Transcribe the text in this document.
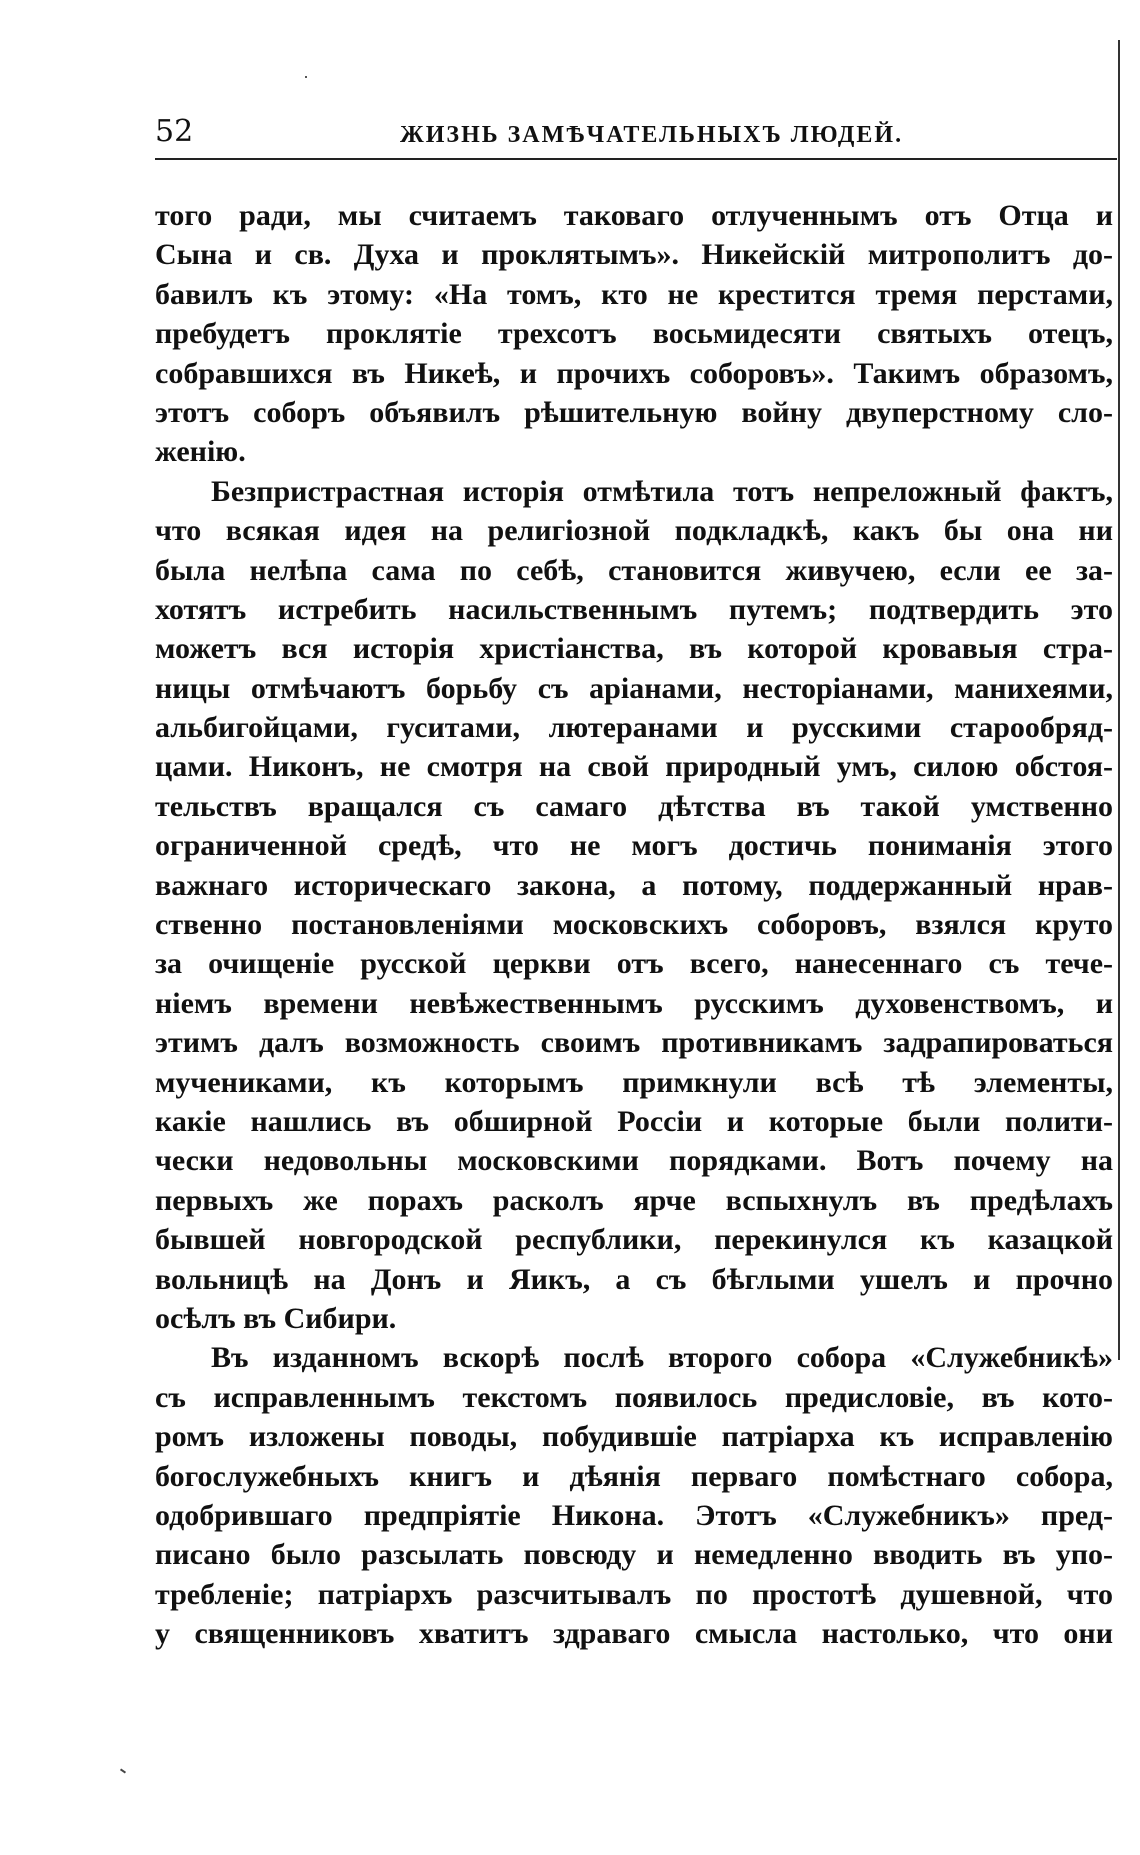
52	ЖИЗНЬ ЗАМѢЧАТЕЛЬНЫХЪ ЛЮДЕЙ.
того ради, мы считаемъ таковаго отлученнымъ отъ Отца и
Сына и св. Духа и проклятымъ». Никейскій митрополитъ до-
бавилъ къ этому: «На томъ, кто не крестится тремя перстами,
пребудетъ проклятіе трехсотъ восьмидесяти святыхъ отецъ,
собравшихся въ Никеѣ, и прочихъ соборовъ». Такимъ образомъ,
этотъ соборъ объявилъ рѣшительную войну двуперстному сло-
женію.
Безпристрастная исторія отмѣтила тотъ непреложный фактъ,
что всякая идея на религіозной подкладкѣ, какъ бы она ни
была нелѣпа сама по себѣ, становится живучею, если ее за-
хотятъ истребить насильственнымъ путемъ; подтвердить это
можетъ вся исторія христіанства, въ которой кровавыя стра-
ницы отмѣчаютъ борьбу съ аріанами, несторіанами, манихеями,
альбигойцами, гуситами, лютеранами и русскими старообряд-
цами. Никонъ, не смотря на свой природный умъ, силою обстоя-
тельствъ вращался съ самаго дѣтства въ такой умственно
ограниченной средѣ, что не могъ достичь пониманія этого
важнаго историческаго закона, а потому, поддержанный нрав-
ственно постановленіями московскихъ соборовъ, взялся круто
за очищеніе русской церкви отъ всего, нанесеннаго съ тече-
ніемъ времени невѣжественнымъ русскимъ духовенствомъ, и
этимъ далъ возможность своимъ противникамъ задрапироваться
мучениками, къ которымъ примкнули всѣ тѣ элементы,
какіе нашлись въ обширной Россіи и которые были полити-
чески недовольны московскими порядками. Вотъ почему на
первыхъ же порахъ расколъ ярче вспыхнулъ въ предѣлахъ
бывшей новгородской республики, перекинулся къ казацкой
вольницѣ на Донъ и Яикъ, а съ бѣглыми ушелъ и прочно
осѣлъ въ Сибири.
Въ изданномъ вскорѣ послѣ второго собора «Служебникѣ»
съ исправленнымъ текстомъ появилось предисловіе, въ кото-
ромъ изложены поводы, побудившіе патріарха къ исправленію
богослужебныхъ книгъ и дѣянія перваго помѣстнаго собора,
одобрившаго предпріятіе Никона. Этотъ «Служебникъ» пред-
писано было разсылать повсюду и немедленно вводить въ упо-
требленіе; патріархъ разсчитывалъ по простотѣ душевной, что
у священниковъ хватитъ здраваго смысла настолько, что они
